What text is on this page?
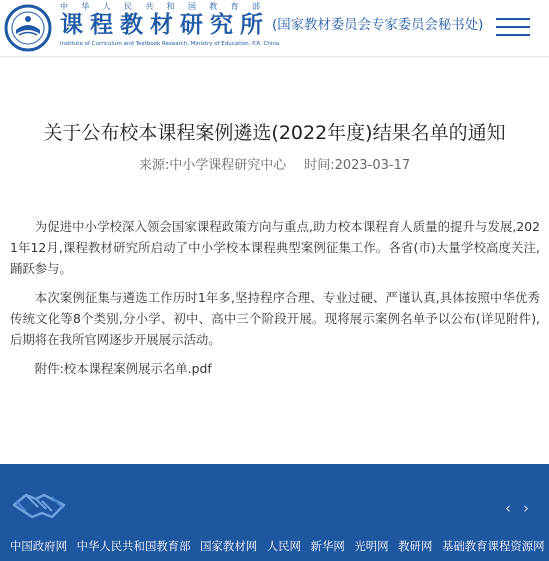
中 华 人 民 共 和 国 教 育 部
课程教材研究所 (国家教材委员会专家委员会秘书处)
Institute of Curriculum and Textbook Research, Ministry of Education, P.R. China
关于公布校本课程案例遴选(2022年度)结果名单的通知
来源:中小学课程研究中心 时间:2023-03-17

为促进中小学校深入领会国家课程政策方向与重点,助力校本课程育人质量的提升与发展,2021年12月,课程教材研究所启动了中小学校本课程典型案例征集工作。各省(市)大量学校高度关注,踊跃参与。

本次案例征集与遴选工作历时1年多,坚持程序合理、专业过硬、严谨认真,具体按照中华优秀传统文化等8个类别,分小学、初中、高中三个阶段开展。现将展示案例名单予以公布(详见附件),后期将在我所官网逐步开展展示活动。

附件:校本课程案例展示名单.pdf
‹ ›
中国政府网 中华人民共和国教育部 国家教材网 人民网 新华网 光明网 教研网 基础教育课程资源网
